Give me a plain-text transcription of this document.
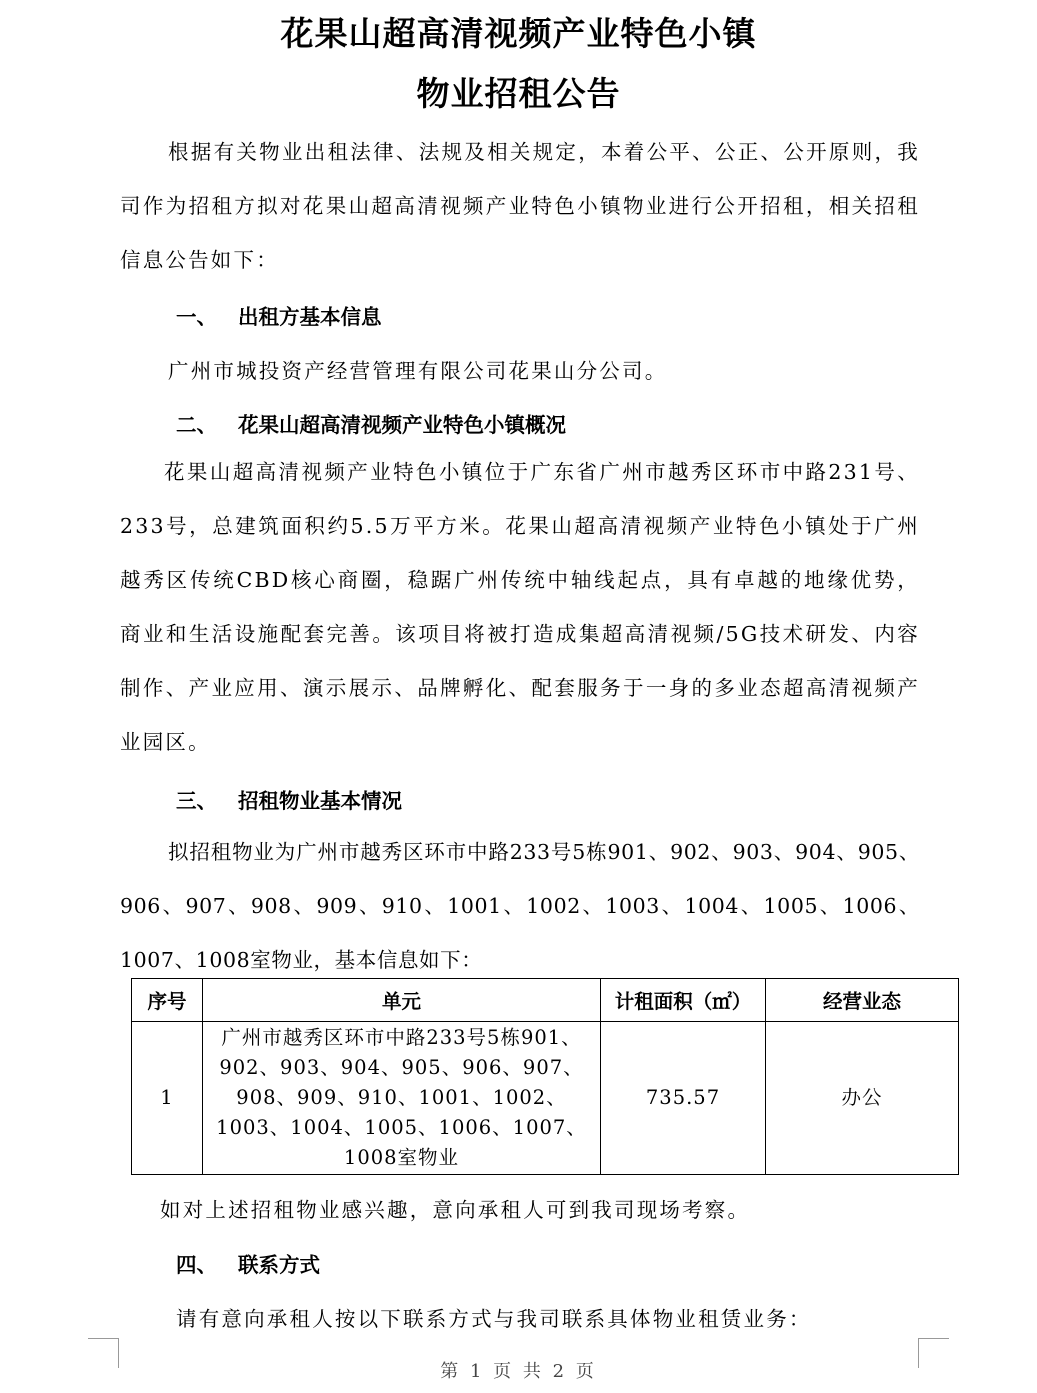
花果山超高清视频产业特色小镇
物业招租公告

根据有关物业出租法律、法规及相关规定，本着公平、公正、公开原则，我司作为招租方拟对花果山超高清视频产业特色小镇物业进行公开招租，相关招租信息公告如下：

一、 出租方基本信息
广州市城投资产经营管理有限公司花果山分公司。
二、 花果山超高清视频产业特色小镇概况

花果山超高清视频产业特色小镇位于广东省广州市越秀区环市中路231号、233号，总建筑面积约5.5万平方米。花果山超高清视频产业特色小镇处于广州越秀区传统CBD核心商圈，稳踞广州传统中轴线起点，具有卓越的地缘优势，商业和生活设施配套完善。该项目将被打造成集超高清视频/5G技术研发、内容制作、产业应用、演示展示、品牌孵化、配套服务于一身的多业态超高清视频产业园区。

三、 招租物业基本情况

拟招租物业为广州市越秀区环市中路233号5栋901、902、903、904、905、906、907、908、909、910、1001、1002、1003、1004、1005、1006、1007、1008室物业，基本信息如下：

序号	单元	计租面积（㎡）	经营业态
1	广州市越秀区环市中路233号5栋901、902、903、904、905、906、907、908、909、910、1001、1002、1003、1004、1005、1006、1007、1008室物业	735.57	办公
如对上述招租物业感兴趣，意向承租人可到我司现场考察。
四、 联系方式
请有意向承租人按以下联系方式与我司联系具体物业租赁业务：
第 1 页 共 2 页
